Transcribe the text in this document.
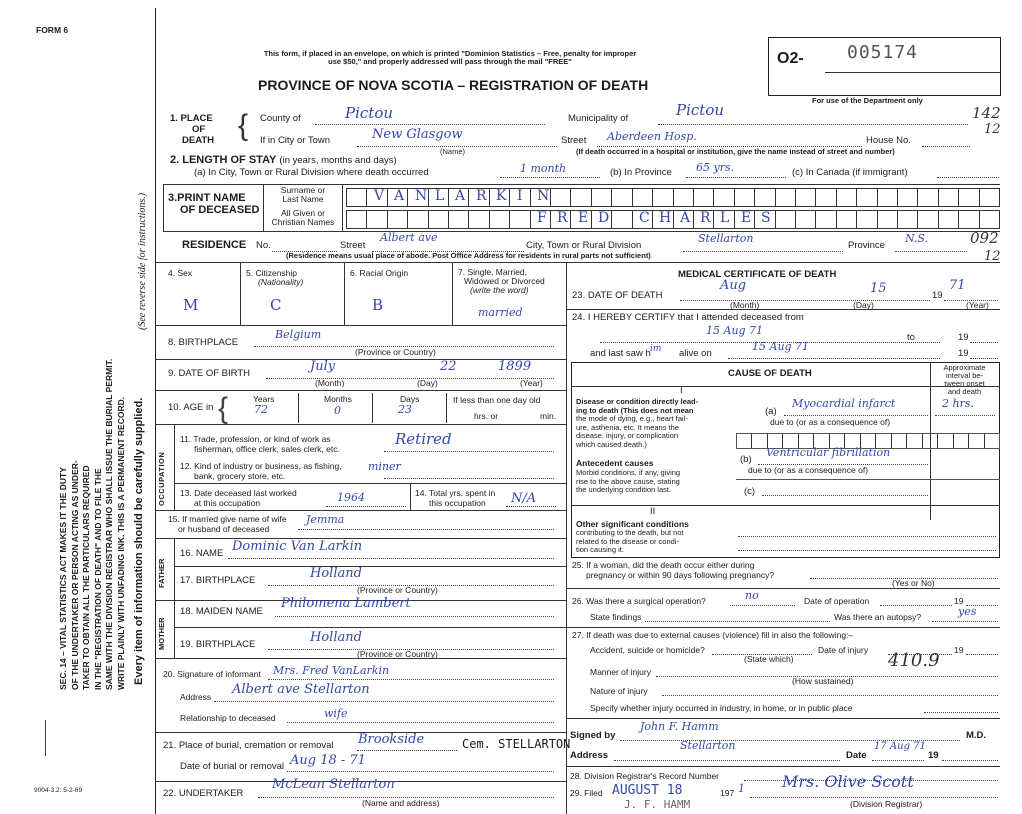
FORM 6
This form, if placed in an envelope, on which is printed "Dominion Statistics – Free, penalty for improper
use $50," and properly addressed will pass through the mail "FREE"
PROVINCE OF NOVA SCOTIA – REGISTRATION OF DEATH
O2- 005174
For use of the Department only
142
12
092
12
SEC. 14 – VITAL STATISTICS ACT MAKES IT THE DUTY OF THE UNDERTAKER OR PERSON ACTING AS UNDER- TAKER TO OBTAIN ALL THE PARTICULARS REQUIRED IN THE "REGISTRATION OF DEATH" AND TO FILE THE SAME WITH THE DIVISION REGISTRAR WHO SHALL ISSUE THE BURIAL PERMIT. WRITE PLAINLY WITH UNFADING INK. THIS IS A PERMANENT RECORD. Every item of information should be carefully supplied.
(See reverse side for instructions.)
9004-3.2: 5-2-69
1. PLACE
OF
DEATH { County of	Pictou	Municipality of	Pictou
If in City or Town	New Glasgow
(Name)
Street Aberdeen Hosp.	House No.
(If death occurred in a hospital or institution, give the name instead of street and number)
2. LENGTH OF STAY (in years, months and days)
(a) In City, Town or Rural Division where death occurred	1 month	(b) In Province 65 yrs.	(c) In Canada (if immigrant)
3.PRINT NAME
OF DECEASED
Surname or
Last Name
All Given or
Christian Names
V A N L A R K I N
F R E D C H A R L E S
RESIDENCE No.	Street
Albert ave
City, Town or Rural Division
Stellarton
Province
N.S.
(Residence means usual place of abode. Post Office Address for residents in rural parts not sufficient)
4. Sex
M
5. Citizenship
(Nationality)
C
6. Racial Origin
B
7. Single, Married,
Widowed or Divorced
(write the word)
married
8. BIRTHPLACE
Belgium
(Province or Country)
9. DATE OF BIRTH	July	22	1899
(Month)	(Day)	(Year)
10. AGE in {	Years	Months	Days
72	0	23
If less than one day old
hrs. or	min.
OCCUPATION
11. Trade, profession, or kind of work as
fisherman, office clerk, sales clerk, etc.
Retired
12. Kind of industry or business, as fishing,
bank, grocery store, etc.
miner
13. Date deceased last worked
at this occupation	1964	14. Total yrs. spent in
this occupation	N/A
15. If married give name of wife
or husband of deceased
Jemma
FATHER
16. NAME Dominic Van Larkin
17. BIRTHPLACE	Holland
(Province or Country)
MOTHER
18. MAIDEN NAME
Philomena Lambert
19. BIRTHPLACE	Holland
(Province or Country)
20. Signature of informant Mrs. Fred VanLarkin
Address Albert ave Stellarton
Relationship to deceased	wife
21. Place of burial, cremation or removal Brookside	Cem. STELLARTON
Date of burial or removal Aug 18 - 71
22. UNDERTAKER
McLean Stellarton
(Name and address)
MEDICAL CERTIFICATE OF DEATH
23. DATE OF DEATH
Aug	15	19
71
(Month)	(Day)	(Year)
24. I HEREBY CERTIFY that I attended deceased from
15 Aug 71
to	19
and last saw h im alive on
15 Aug 71
19
CAUSE OF DEATH
Approximate
interval be-
tween onset
and death
I
Disease or condition directly lead-
ing to death (This does not mean
the mode of dying, e.g., heart fail-
ure, asthenia, etc. It means the
disease, injury, or complication
which caused death.)
(a)
Myocardial infarct	2 hrs.
due to (or as a consequence of)
Antecedent causes
Morbid conditions, if any, giving
rise to the above cause, stating
the underlying condition last.
(b)
Ventricular fibrillation
due to (or as a consequence of)
(c)
II
Other significant conditions
contributing to the death, but not
related to the disease or condi-
tion causing it.
25. If a woman, did the death occur either during
pregnancy or within 90 days following pregnancy?
(Yes or No)
26. Was there a surgical operation?	no	Date of operation	19
State findings	Was there an autopsy?	yes
27. If death was due to external causes (violence) fill in also the following:–
Accident, suicide or homicide?	Date of injury	19
(State which)	410.9
Manner of injury
(How sustained)
Nature of injury
Specify whether injury occurred in industry, in home, or in public place
Signed by
John F. Hamm
M.D.
Address
Stellarton
Date
17 Aug 71
19
28. Division Registrar's Record Number
29. Filed AUGUST 18	197 1 Mrs. Olive Scott
(Division Registrar)
J. F. HAMM
